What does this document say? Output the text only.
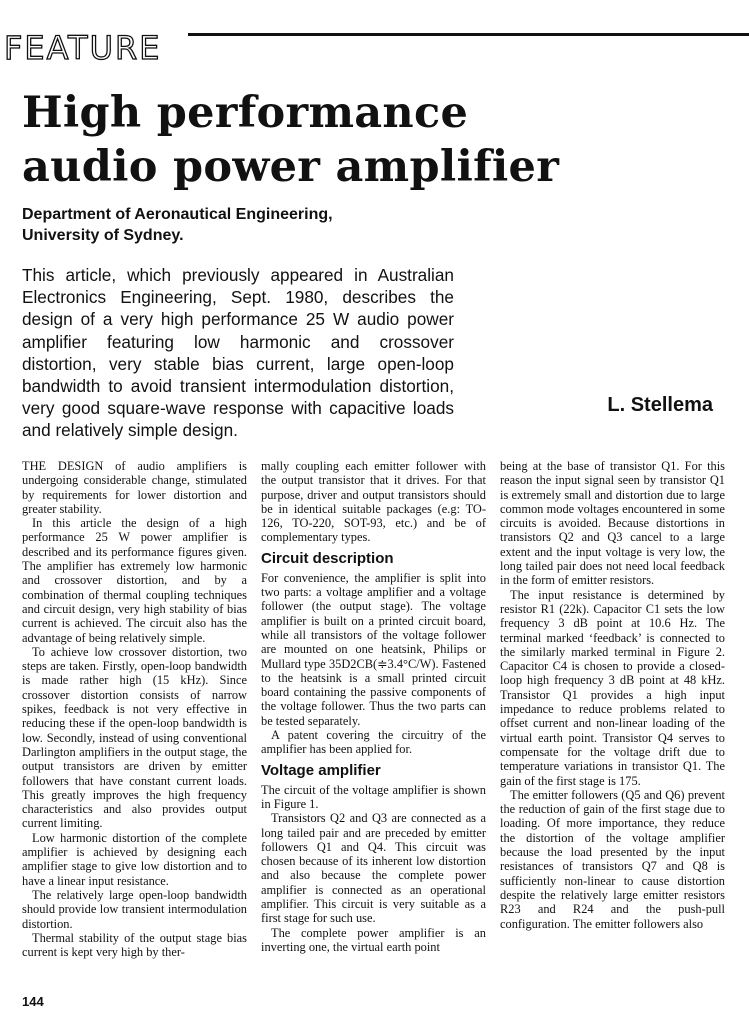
FEATURE
High performance
audio power amplifier
Department of Aeronautical Engineering,
University of Sydney.

This article, which previously appeared in Australian Electronics Engineering, Sept. 1980, describes the design of a very high performance 25 W audio power amplifier featuring low harmonic and crossover distortion, very stable bias current, large open-loop bandwidth to avoid transient intermodulation distortion, very good square-wave response with capacitive loads and relatively simple design.

L. Stellema

THE DESIGN of audio amplifiers is undergoing considerable change, stimulated by requirements for lower distortion and greater stability.

In this article the design of a high performance 25 W power amplifier is described and its performance figures given. The amplifier has extremely low harmonic and crossover distortion, and by a combination of thermal coupling techniques and circuit design, very high stability of bias current is achieved. The circuit also has the advantage of being relatively simple.

To achieve low crossover distortion, two steps are taken. Firstly, open-loop bandwidth is made rather high (15 kHz). Since crossover distortion consists of narrow spikes, feedback is not very effective in reducing these if the open-loop bandwidth is low. Secondly, instead of using conventional Darlington amplifiers in the output stage, the output transistors are driven by emitter followers that have constant current loads. This greatly improves the high frequency characteristics and also provides output current limiting.

Low harmonic distortion of the complete amplifier is achieved by designing each amplifier stage to give low distortion and to have a linear input resistance.

The relatively large open-loop bandwidth should provide low transient intermodulation distortion.

Thermal stability of the output stage bias current is kept very high by ther-

mally coupling each emitter follower with the output transistor that it drives. For that purpose, driver and output transistors should be in identical suitable packages (e.g: TO-126, TO-220, SOT-93, etc.) and be of complementary types.

Circuit description

For convenience, the amplifier is split into two parts: a voltage amplifier and a voltage follower (the output stage). The voltage amplifier is built on a printed circuit board, while all transistors of the voltage follower are mounted on one heatsink, Philips or Mullard type 35D2CB(≑3.4°C/W). Fastened to the heatsink is a small printed circuit board containing the passive components of the voltage follower. Thus the two parts can be tested separately.

A patent covering the circuitry of the amplifier has been applied for.

Voltage amplifier

The circuit of the voltage amplifier is shown in Figure 1.

Transistors Q2 and Q3 are connected as a long tailed pair and are preceded by emitter followers Q1 and Q4. This circuit was chosen because of its inherent low distortion and also because the complete power amplifier is connected as an operational amplifier. This circuit is very suitable as a first stage for such use.

The complete power amplifier is an inverting one, the virtual earth point

being at the base of transistor Q1. For this reason the input signal seen by transistor Q1 is extremely small and distortion due to large common mode voltages encountered in some circuits is avoided. Because distortions in transistors Q2 and Q3 cancel to a large extent and the input voltage is very low, the long tailed pair does not need local feedback in the form of emitter resistors.

The input resistance is determined by resistor R1 (22k). Capacitor C1 sets the low frequency 3 dB point at 10.6 Hz. The terminal marked ‘feedback’ is connected to the similarly marked terminal in Figure 2. Capacitor C4 is chosen to provide a closed-loop high frequency 3 dB point at 48 kHz. Transistor Q1 provides a high input impedance to reduce problems related to offset current and non-linear loading of the virtual earth point. Transistor Q4 serves to compensate for the voltage drift due to temperature variations in transistor Q1. The gain of the first stage is 175.

The emitter followers (Q5 and Q6) prevent the reduction of gain of the first stage due to loading. Of more importance, they reduce the distortion of the voltage amplifier because the load presented by the input resistances of transistors Q7 and Q8 is sufficiently non-linear to cause distortion despite the relatively large emitter resistors R23 and R24 and the push-pull configuration. The emitter followers also

144
